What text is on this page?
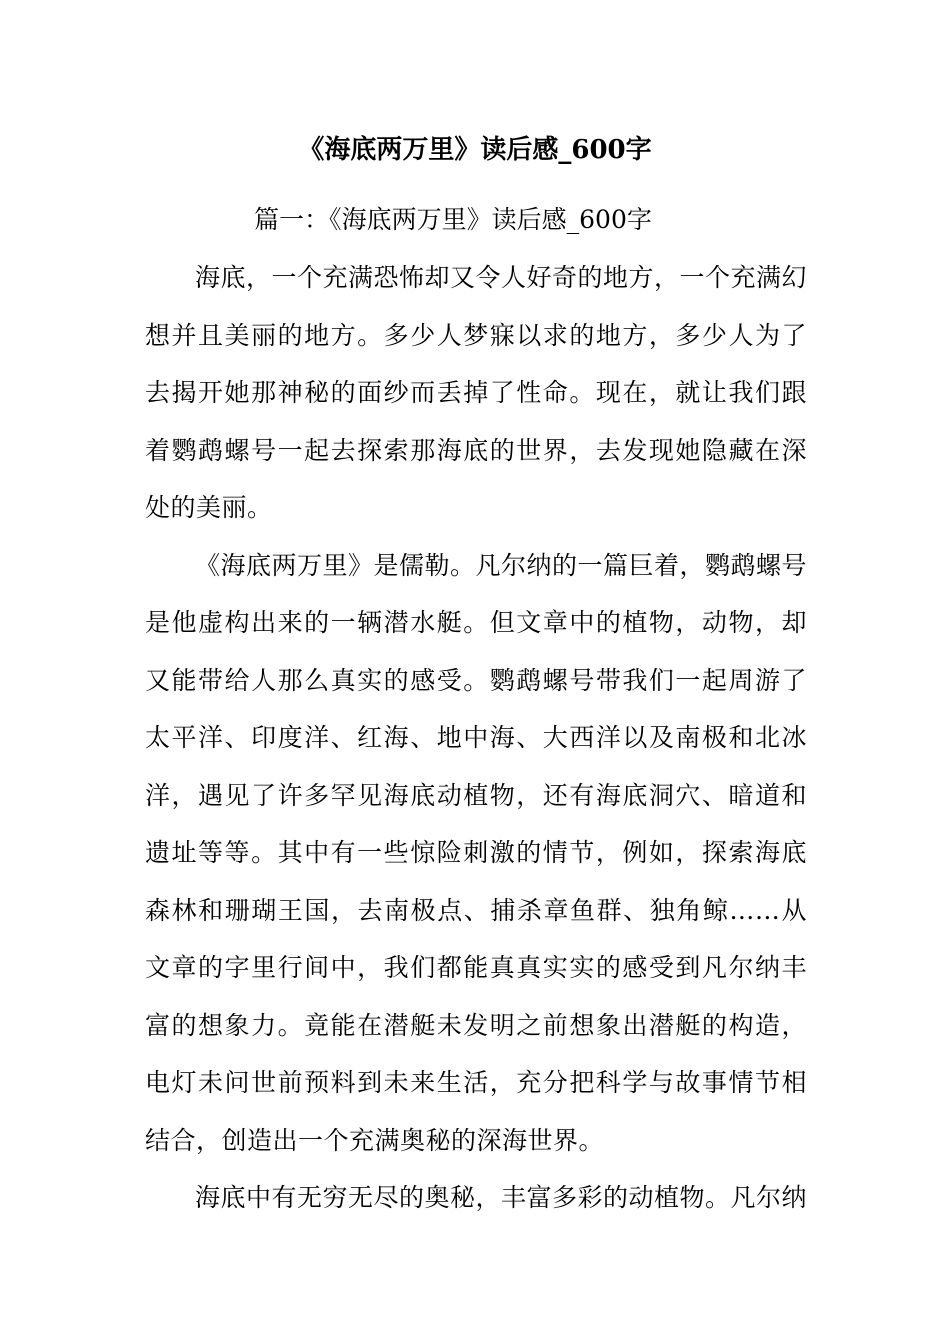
《海底两万里》读后感_600字

篇一：《海底两万里》读后感_600字

海底，一个充满恐怖却又令人好奇的地方，一个充满幻想并且美丽的地方。多少人梦寐以求的地方，多少人为了去揭开她那神秘的面纱而丢掉了性命。现在，就让我们跟着鹦鹉螺号一起去探索那海底的世界，去发现她隐藏在深处的美丽。

《海底两万里》是儒勒。凡尔纳的一篇巨着，鹦鹉螺号是他虚构出来的一辆潜水艇。但文章中的植物，动物，却又能带给人那么真实的感受。鹦鹉螺号带我们一起周游了太平洋、印度洋、红海、地中海、大西洋以及南极和北冰洋，遇见了许多罕见海底动植物，还有海底洞穴、暗道和遗址等等。其中有一些惊险刺激的情节，例如，探索海底森林和珊瑚王国，去南极点、捕杀章鱼群、独角鲸……从文章的字里行间中，我们都能真真实实的感受到凡尔纳丰富的想象力。竟能在潜艇未发明之前想象出潜艇的构造，电灯未问世前预料到未来生活，充分把科学与故事情节相结合，创造出一个充满奥秘的深海世界。

海底中有无穷无尽的奥秘，丰富多彩的动植物。凡尔纳
